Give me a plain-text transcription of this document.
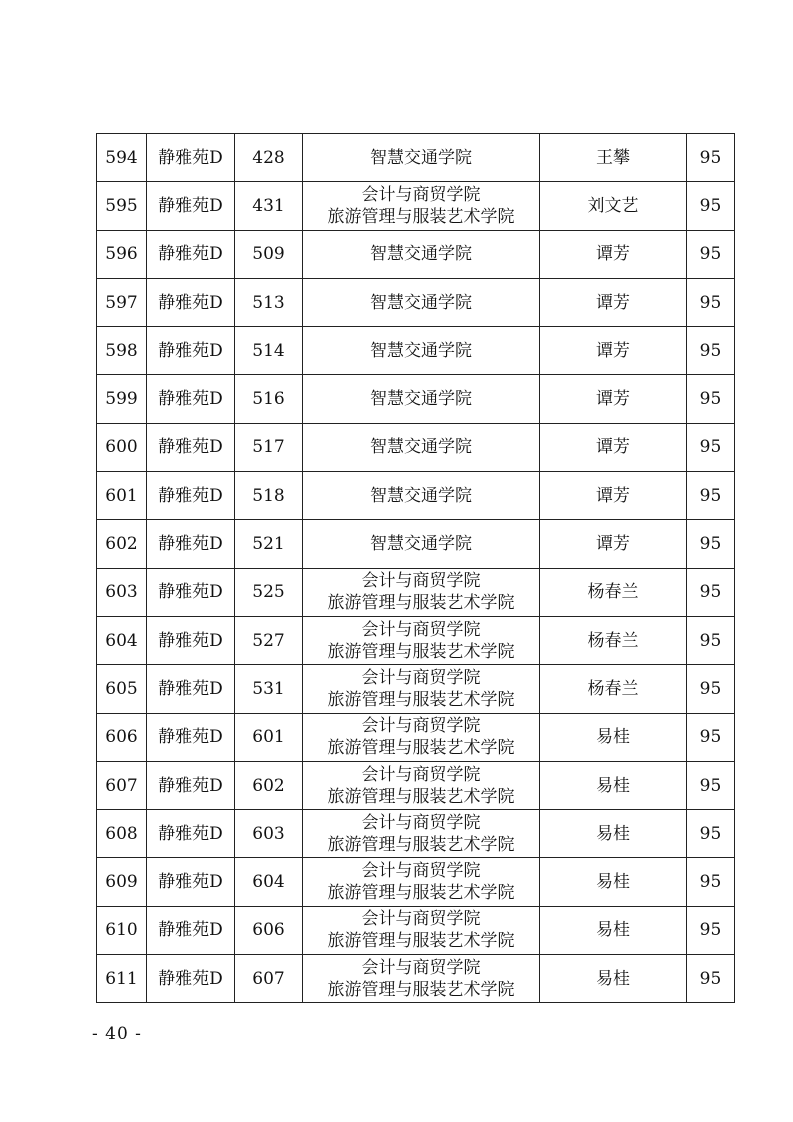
594	静雅苑D	428	智慧交通学院	王攀	95
595	静雅苑D	431	会计与商贸学院
旅游管理与服装艺术学院	刘文艺	95
596	静雅苑D	509	智慧交通学院	谭芳	95
597	静雅苑D	513	智慧交通学院	谭芳	95
598	静雅苑D	514	智慧交通学院	谭芳	95
599	静雅苑D	516	智慧交通学院	谭芳	95
600	静雅苑D	517	智慧交通学院	谭芳	95
601	静雅苑D	518	智慧交通学院	谭芳	95
602	静雅苑D	521	智慧交通学院	谭芳	95
603	静雅苑D	525	会计与商贸学院
旅游管理与服装艺术学院	杨春兰	95
604	静雅苑D	527	会计与商贸学院
旅游管理与服装艺术学院	杨春兰	95
605	静雅苑D	531	会计与商贸学院
旅游管理与服装艺术学院	杨春兰	95
606	静雅苑D	601	会计与商贸学院
旅游管理与服装艺术学院	易桂	95
607	静雅苑D	602	会计与商贸学院
旅游管理与服装艺术学院	易桂	95
608	静雅苑D	603	会计与商贸学院
旅游管理与服装艺术学院	易桂	95
609	静雅苑D	604	会计与商贸学院
旅游管理与服装艺术学院	易桂	95
610	静雅苑D	606	会计与商贸学院
旅游管理与服装艺术学院	易桂	95
611	静雅苑D	607	会计与商贸学院
旅游管理与服装艺术学院	易桂	95
- 40 -
